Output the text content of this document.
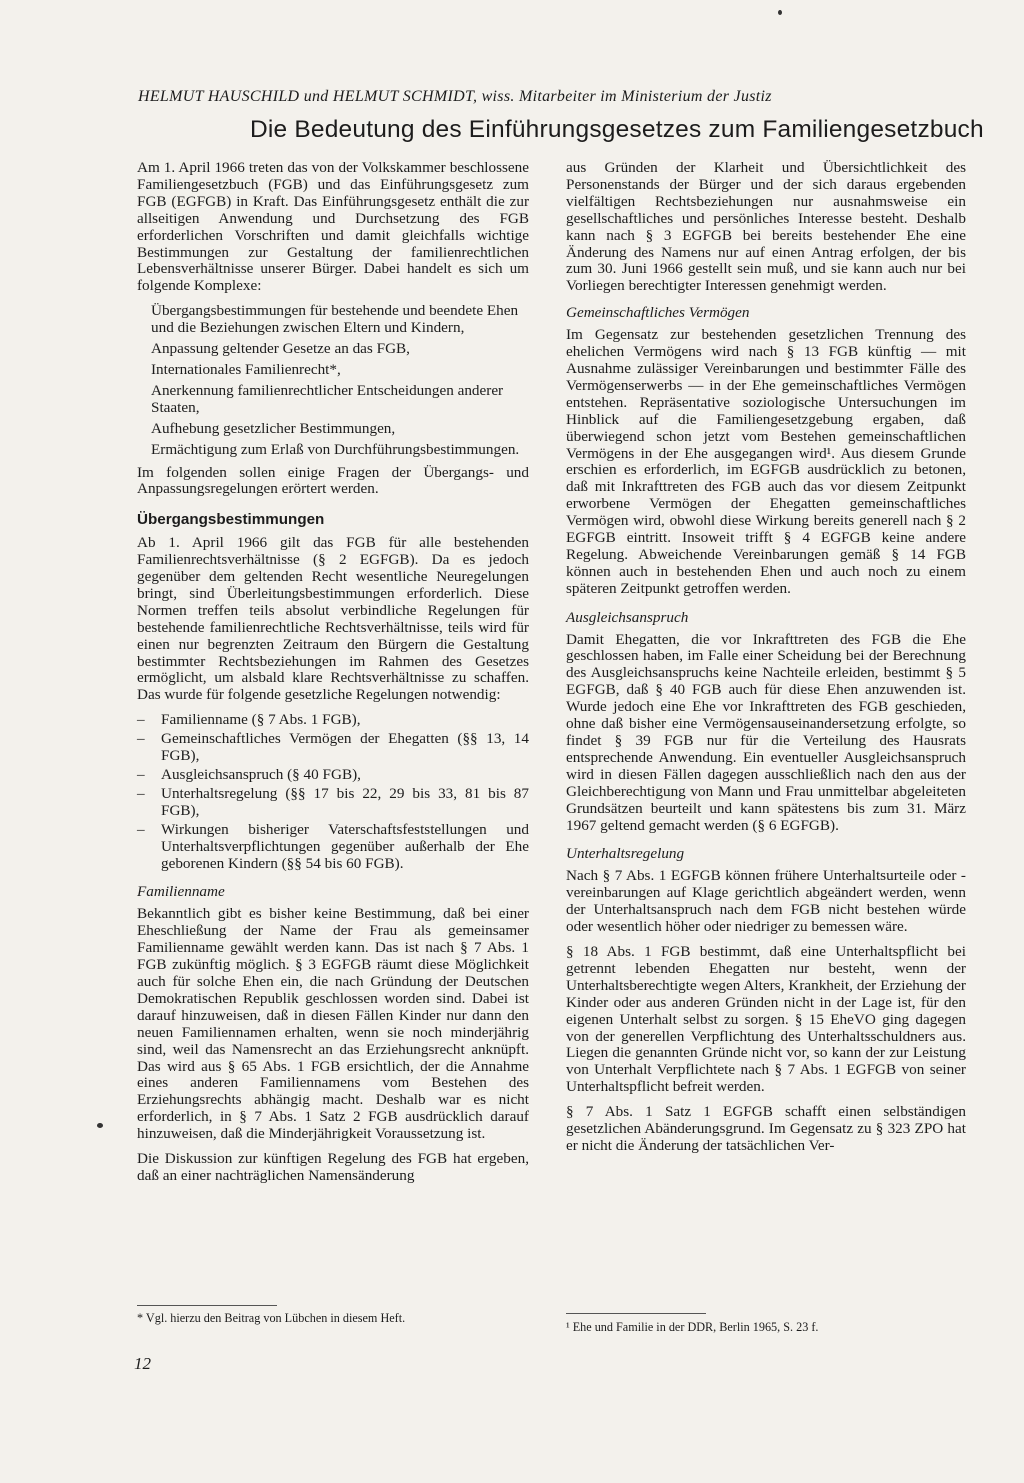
HELMUT HAUSCHILD und HELMUT SCHMIDT, wiss. Mitarbeiter im Ministerium der Justiz
Die Bedeutung des Einführungsgesetzes zum Familiengesetzbuch

Am 1. April 1966 treten das von der Volkskammer beschlossene Familiengesetzbuch (FGB) und das Einführungsgesetz zum FGB (EGFGB) in Kraft. Das Einführungsgesetz enthält die zur allseitigen Anwendung und Durchsetzung des FGB erforderlichen Vorschriften und damit gleichfalls wichtige Bestimmungen zur Gestaltung der familienrechtlichen Lebensverhältnisse unserer Bürger. Dabei handelt es sich um folgende Komplexe:

Übergangsbestimmungen für bestehende und beendete Ehen und die Beziehungen zwischen Eltern und Kindern,
Anpassung geltender Gesetze an das FGB,
Internationales Familienrecht*,
Anerkennung familienrechtlicher Entscheidungen anderer Staaten,
Aufhebung gesetzlicher Bestimmungen,
Ermächtigung zum Erlaß von Durchführungsbestimmungen.

Im folgenden sollen einige Fragen der Übergangs- und Anpassungsregelungen erörtert werden.

Übergangsbestimmungen

Ab 1. April 1966 gilt das FGB für alle bestehenden Familienrechtsverhältnisse (§ 2 EGFGB). Da es jedoch gegenüber dem geltenden Recht wesentliche Neuregelungen bringt, sind Überleitungsbestimmungen erforderlich. Diese Normen treffen teils absolut verbindliche Regelungen für bestehende familienrechtliche Rechtsverhältnisse, teils wird für einen nur begrenzten Zeitraum den Bürgern die Gestaltung bestimmter Rechtsbeziehungen im Rahmen des Gesetzes ermöglicht, um alsbald klare Rechtsverhältnisse zu schaffen. Das wurde für folgende gesetzliche Regelungen notwendig:

– Familienname (§ 7 Abs. 1 FGB),
– Gemeinschaftliches Vermögen der Ehegatten (§§ 13, 14 FGB),
– Ausgleichsanspruch (§ 40 FGB),
– Unterhaltsregelung (§§ 17 bis 22, 29 bis 33, 81 bis 87 FGB),
– Wirkungen bisheriger Vaterschaftsfeststellungen und Unterhaltsverpflichtungen gegenüber außerhalb der Ehe geborenen Kindern (§§ 54 bis 60 FGB).
Familienname

Bekanntlich gibt es bisher keine Bestimmung, daß bei einer Eheschließung der Name der Frau als gemeinsamer Familienname gewählt werden kann. Das ist nach § 7 Abs. 1 FGB zukünftig möglich. § 3 EGFGB räumt diese Möglichkeit auch für solche Ehen ein, die nach Gründung der Deutschen Demokratischen Republik geschlossen worden sind. Dabei ist darauf hinzuweisen, daß in diesen Fällen Kinder nur dann den neuen Familiennamen erhalten, wenn sie noch minderjährig sind, weil das Namensrecht an das Erziehungsrecht anknüpft. Das wird aus § 65 Abs. 1 FGB ersichtlich, der die Annahme eines anderen Familiennamens vom Bestehen des Erziehungsrechts abhängig macht. Deshalb war es nicht erforderlich, in § 7 Abs. 1 Satz 2 FGB ausdrücklich darauf hinzuweisen, daß die Minderjährigkeit Voraussetzung ist.

Die Diskussion zur künftigen Regelung des FGB hat ergeben, daß an einer nachträglichen Namensänderung

aus Gründen der Klarheit und Übersichtlichkeit des Personenstands der Bürger und der sich daraus ergebenden vielfältigen Rechtsbeziehungen nur ausnahmsweise ein gesellschaftliches und persönliches Interesse besteht. Deshalb kann nach § 3 EGFGB bei bereits bestehender Ehe eine Änderung des Namens nur auf einen Antrag erfolgen, der bis zum 30. Juni 1966 gestellt sein muß, und sie kann auch nur bei Vorliegen berechtigter Interessen genehmigt werden.

Gemeinschaftliches Vermögen

Im Gegensatz zur bestehenden gesetzlichen Trennung des ehelichen Vermögens wird nach § 13 FGB künftig — mit Ausnahme zulässiger Vereinbarungen und bestimmter Fälle des Vermögenserwerbs — in der Ehe gemeinschaftliches Vermögen entstehen. Repräsentative soziologische Untersuchungen im Hinblick auf die Familiengesetzgebung ergaben, daß überwiegend schon jetzt vom Bestehen gemeinschaftlichen Vermögens in der Ehe ausgegangen wird¹. Aus diesem Grunde erschien es erforderlich, im EGFGB ausdrücklich zu betonen, daß mit Inkrafttreten des FGB auch das vor diesem Zeitpunkt erworbene Vermögen der Ehegatten gemeinschaftliches Vermögen wird, obwohl diese Wirkung bereits generell nach § 2 EGFGB eintritt. Insoweit trifft § 4 EGFGB keine andere Regelung. Abweichende Vereinbarungen gemäß § 14 FGB können auch in bestehenden Ehen und auch noch zu einem späteren Zeitpunkt getroffen werden.

Ausgleichsanspruch

Damit Ehegatten, die vor Inkrafttreten des FGB die Ehe geschlossen haben, im Falle einer Scheidung bei der Berechnung des Ausgleichsanspruchs keine Nachteile erleiden, bestimmt § 5 EGFGB, daß § 40 FGB auch für diese Ehen anzuwenden ist. Wurde jedoch eine Ehe vor Inkrafttreten des FGB geschieden, ohne daß bisher eine Vermögensauseinandersetzung erfolgte, so findet § 39 FGB nur für die Verteilung des Hausrats entsprechende Anwendung. Ein eventueller Ausgleichsanspruch wird in diesen Fällen dagegen ausschließlich nach den aus der Gleichberechtigung von Mann und Frau unmittelbar abgeleiteten Grundsätzen beurteilt und kann spätestens bis zum 31. März 1967 geltend gemacht werden (§ 6 EGFGB).

Unterhaltsregelung

Nach § 7 Abs. 1 EGFGB können frühere Unterhaltsurteile oder -vereinbarungen auf Klage gerichtlich abgeändert werden, wenn der Unterhaltsanspruch nach dem FGB nicht bestehen würde oder wesentlich höher oder niedriger zu bemessen wäre.

§ 18 Abs. 1 FGB bestimmt, daß eine Unterhaltspflicht bei getrennt lebenden Ehegatten nur besteht, wenn der Unterhaltsberechtigte wegen Alters, Krankheit, der Erziehung der Kinder oder aus anderen Gründen nicht in der Lage ist, für den eigenen Unterhalt selbst zu sorgen. § 15 EheVO ging dagegen von der generellen Verpflichtung des Unterhaltsschuldners aus. Liegen die genannten Gründe nicht vor, so kann der zur Leistung von Unterhalt Verpflichtete nach § 7 Abs. 1 EGFGB von seiner Unterhaltspflicht befreit werden.

§ 7 Abs. 1 Satz 1 EGFGB schafft einen selbständigen gesetzlichen Abänderungsgrund. Im Gegensatz zu § 323 ZPO hat er nicht die Änderung der tatsächlichen Ver-

* Vgl. hierzu den Beitrag von Lübchen in diesem Heft.
¹ Ehe und Familie in der DDR, Berlin 1965, S. 23 f.
12
